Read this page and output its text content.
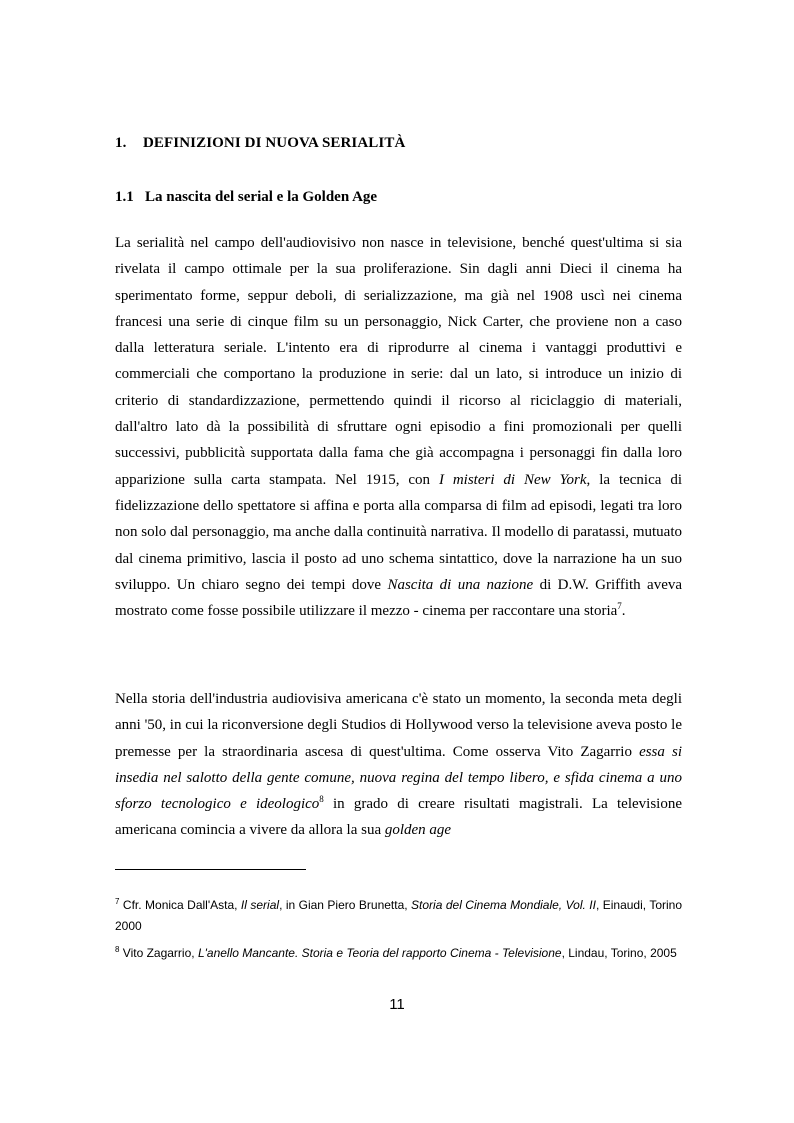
1. DEFINIZIONI DI NUOVA SERIALITÀ
1.1 La nascita del serial e la Golden Age

La serialità nel campo dell'audiovisivo non nasce in televisione, benché quest'ultima si sia rivelata il campo ottimale per la sua proliferazione. Sin dagli anni Dieci il cinema ha sperimentato forme, seppur deboli, di serializzazione, ma già nel 1908 uscì nei cinema francesi una serie di cinque film su un personaggio, Nick Carter, che proviene non a caso dalla letteratura seriale. L'intento era di riprodurre al cinema i vantaggi produttivi e commerciali che comportano la produzione in serie: dal un lato, si introduce un inizio di criterio di standardizzazione, permettendo quindi il ricorso al riciclaggio di materiali, dall'altro lato dà la possibilità di sfruttare ogni episodio a fini promozionali per quelli successivi, pubblicità supportata dalla fama che già accompagna i personaggi fin dalla loro apparizione sulla carta stampata. Nel 1915, con I misteri di New York, la tecnica di fidelizzazione dello spettatore si affina e porta alla comparsa di film ad episodi, legati tra loro non solo dal personaggio, ma anche dalla continuità narrativa. Il modello di paratassi, mutuato dal cinema primitivo, lascia il posto ad uno schema sintattico, dove la narrazione ha un suo sviluppo. Un chiaro segno dei tempi dove Nascita di una nazione di D.W. Griffith aveva mostrato come fosse possibile utilizzare il mezzo - cinema per raccontare una storia$^7$.

Nella storia dell'industria audiovisiva americana c'è stato un momento, la seconda meta degli anni '50, in cui la riconversione degli Studios di Hollywood verso la televisione aveva posto le premesse per la straordinaria ascesa di quest'ultima. Come osserva Vito Zagarrio essa si insedia nel salotto della gente comune, nuova regina del tempo libero, e sfida cinema a uno sforzo tecnologico e ideologico$^8$ in grado di creare risultati magistrali. La televisione americana comincia a vivere da allora la sua golden age

$^7$ Cfr. Monica Dall'Asta, Il serial, in Gian Piero Brunetta, Storia del Cinema Mondiale, Vol. II, Einaudi, Torino 2000

$^8$ Vito Zagarrio, L'anello Mancante. Storia e Teoria del rapporto Cinema - Televisione, Lindau, Torino, 2005

11
